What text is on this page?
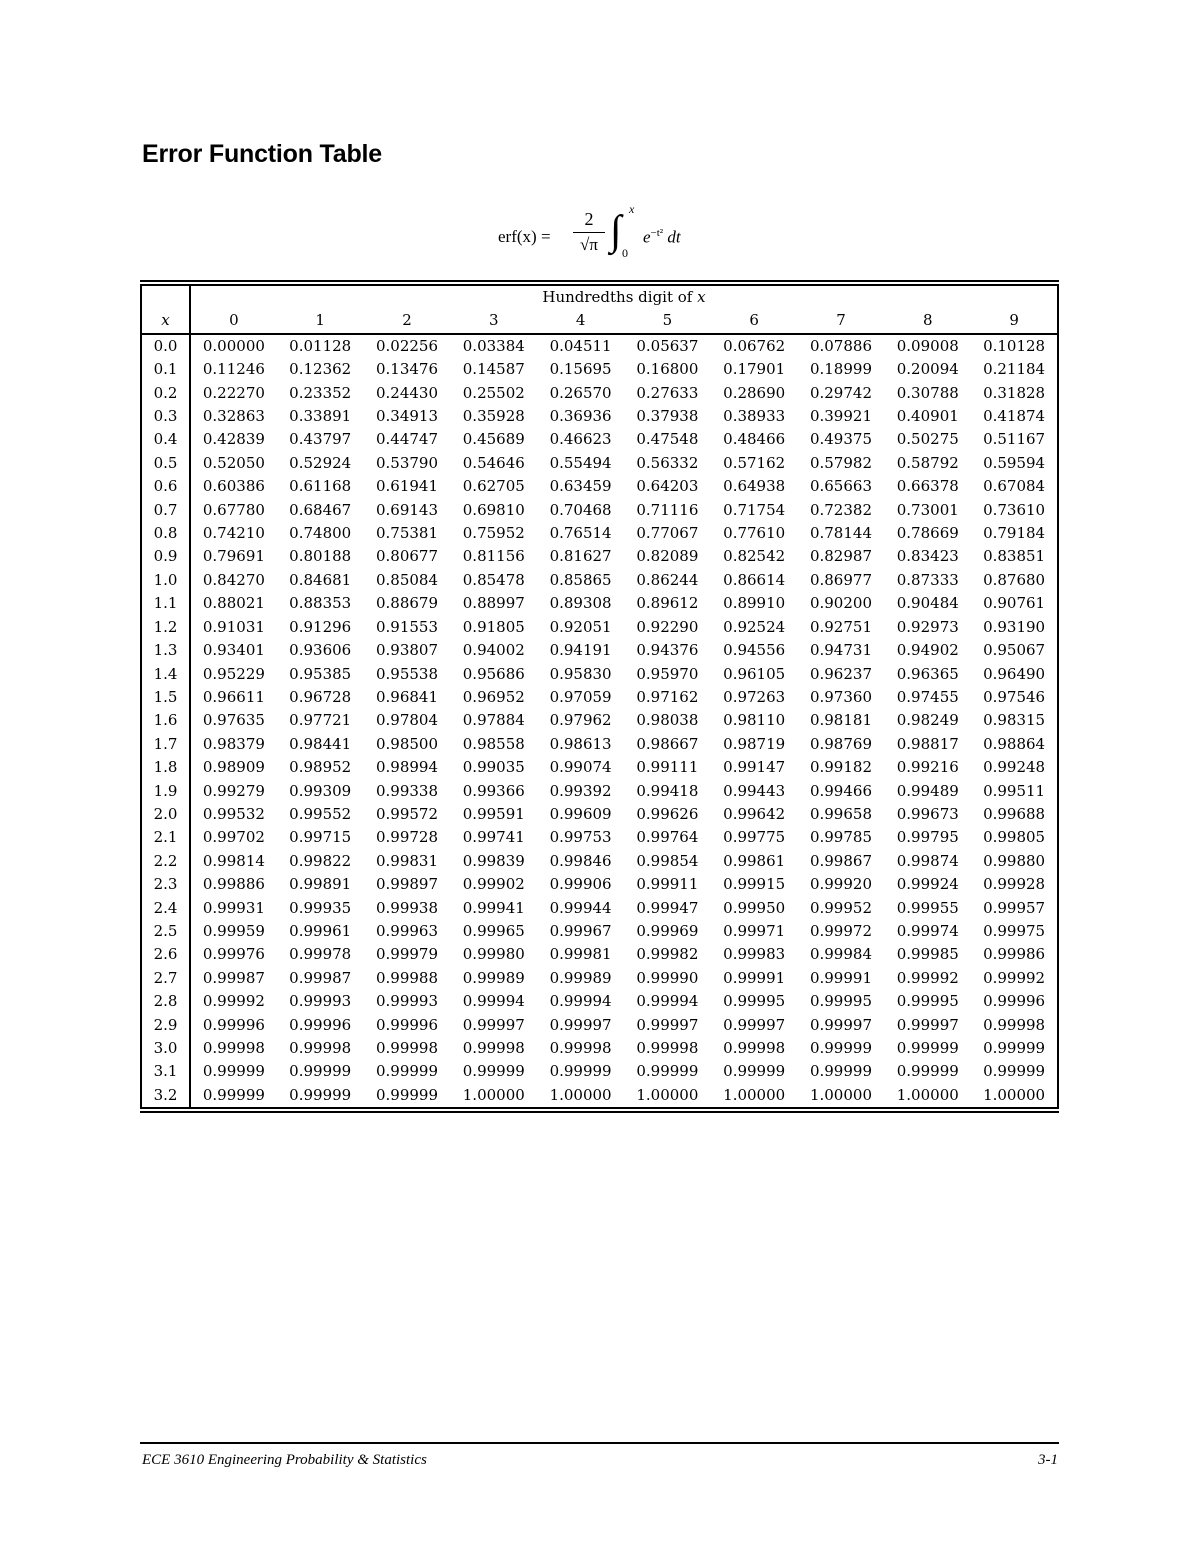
Error Function Table
erf(x) =
2
√π ∫ x
0
$e^{-t^2}$ dt
	Hundredths digit of x									
x	0	1	2	3	4	5	6	7	8	9
0.0	0.00000	0.01128	0.02256	0.03384	0.04511	0.05637	0.06762	0.07886	0.09008	0.10128
0.1	0.11246	0.12362	0.13476	0.14587	0.15695	0.16800	0.17901	0.18999	0.20094	0.21184
0.2	0.22270	0.23352	0.24430	0.25502	0.26570	0.27633	0.28690	0.29742	0.30788	0.31828
0.3	0.32863	0.33891	0.34913	0.35928	0.36936	0.37938	0.38933	0.39921	0.40901	0.41874
0.4	0.42839	0.43797	0.44747	0.45689	0.46623	0.47548	0.48466	0.49375	0.50275	0.51167
0.5	0.52050	0.52924	0.53790	0.54646	0.55494	0.56332	0.57162	0.57982	0.58792	0.59594
0.6	0.60386	0.61168	0.61941	0.62705	0.63459	0.64203	0.64938	0.65663	0.66378	0.67084
0.7	0.67780	0.68467	0.69143	0.69810	0.70468	0.71116	0.71754	0.72382	0.73001	0.73610
0.8	0.74210	0.74800	0.75381	0.75952	0.76514	0.77067	0.77610	0.78144	0.78669	0.79184
0.9	0.79691	0.80188	0.80677	0.81156	0.81627	0.82089	0.82542	0.82987	0.83423	0.83851
1.0	0.84270	0.84681	0.85084	0.85478	0.85865	0.86244	0.86614	0.86977	0.87333	0.87680
1.1	0.88021	0.88353	0.88679	0.88997	0.89308	0.89612	0.89910	0.90200	0.90484	0.90761
1.2	0.91031	0.91296	0.91553	0.91805	0.92051	0.92290	0.92524	0.92751	0.92973	0.93190
1.3	0.93401	0.93606	0.93807	0.94002	0.94191	0.94376	0.94556	0.94731	0.94902	0.95067
1.4	0.95229	0.95385	0.95538	0.95686	0.95830	0.95970	0.96105	0.96237	0.96365	0.96490
1.5	0.96611	0.96728	0.96841	0.96952	0.97059	0.97162	0.97263	0.97360	0.97455	0.97546
1.6	0.97635	0.97721	0.97804	0.97884	0.97962	0.98038	0.98110	0.98181	0.98249	0.98315
1.7	0.98379	0.98441	0.98500	0.98558	0.98613	0.98667	0.98719	0.98769	0.98817	0.98864
1.8	0.98909	0.98952	0.98994	0.99035	0.99074	0.99111	0.99147	0.99182	0.99216	0.99248
1.9	0.99279	0.99309	0.99338	0.99366	0.99392	0.99418	0.99443	0.99466	0.99489	0.99511
2.0	0.99532	0.99552	0.99572	0.99591	0.99609	0.99626	0.99642	0.99658	0.99673	0.99688
2.1	0.99702	0.99715	0.99728	0.99741	0.99753	0.99764	0.99775	0.99785	0.99795	0.99805
2.2	0.99814	0.99822	0.99831	0.99839	0.99846	0.99854	0.99861	0.99867	0.99874	0.99880
2.3	0.99886	0.99891	0.99897	0.99902	0.99906	0.99911	0.99915	0.99920	0.99924	0.99928
2.4	0.99931	0.99935	0.99938	0.99941	0.99944	0.99947	0.99950	0.99952	0.99955	0.99957
2.5	0.99959	0.99961	0.99963	0.99965	0.99967	0.99969	0.99971	0.99972	0.99974	0.99975
2.6	0.99976	0.99978	0.99979	0.99980	0.99981	0.99982	0.99983	0.99984	0.99985	0.99986
2.7	0.99987	0.99987	0.99988	0.99989	0.99989	0.99990	0.99991	0.99991	0.99992	0.99992
2.8	0.99992	0.99993	0.99993	0.99994	0.99994	0.99994	0.99995	0.99995	0.99995	0.99996
2.9	0.99996	0.99996	0.99996	0.99997	0.99997	0.99997	0.99997	0.99997	0.99997	0.99998
3.0	0.99998	0.99998	0.99998	0.99998	0.99998	0.99998	0.99998	0.99999	0.99999	0.99999
3.1	0.99999	0.99999	0.99999	0.99999	0.99999	0.99999	0.99999	0.99999	0.99999	0.99999
3.2	0.99999	0.99999	0.99999	1.00000	1.00000	1.00000	1.00000	1.00000	1.00000	1.00000
ECE 3610 Engineering Probability & Statistics	3-1
